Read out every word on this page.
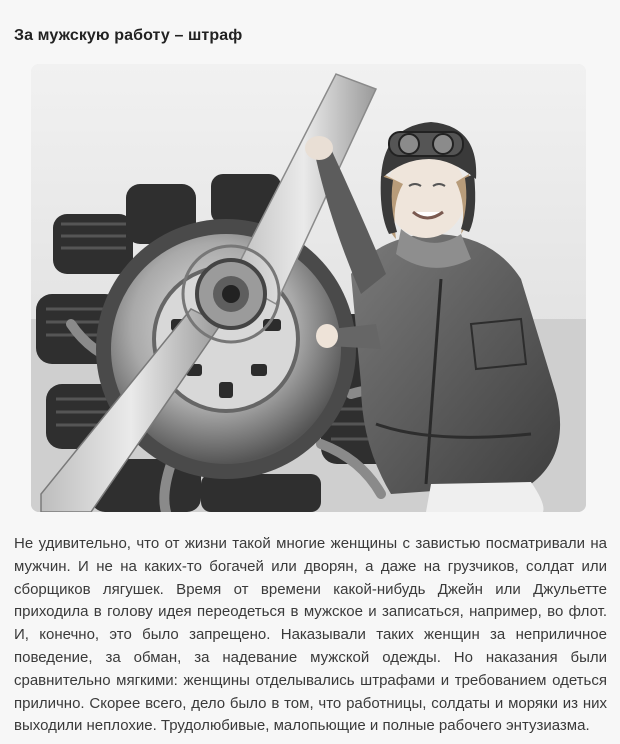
За мужскую работу – штраф

Не удивительно, что от жизни такой многие женщины с завистью посматривали на мужчин. И не на каких-то богачей или дворян, а даже на грузчиков, солдат или сборщиков лягушек. Время от времени какой-нибудь Джейн или Джульетте приходила в голову идея переодеться в мужское и записаться, например, во флот. И, конечно, это было запрещено. Наказывали таких женщин за неприличное поведение, за обман, за надевание мужской одежды. Но наказания были сравнительно мягкими: женщины отделывались штрафами и требованием одеться прилично. Скорее всего, дело было в том, что работницы, солдаты и моряки из них выходили неплохие. Трудолюбивые, малопьющие и полные рабочего энтузиазма.
